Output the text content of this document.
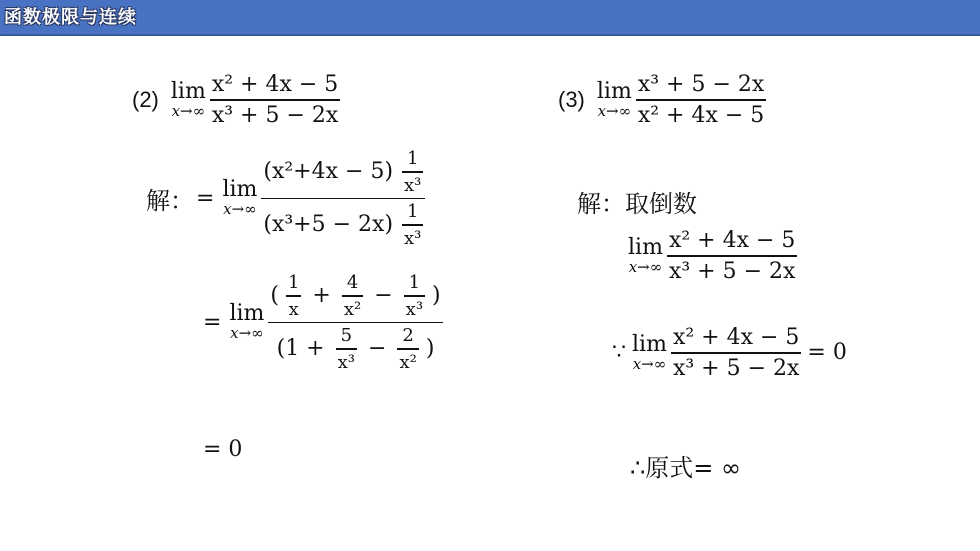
函数极限与连续
(2) lim
$x\to\infty \frac{\text{x² + 4x − 5}}{\text{x³ + 5 − 2x}}$
解： = lim
$x\to\infty \frac{(x^2+4x - 5) \frac{1}{\text{x³}}}{(x^3+5 - 2x) \frac{1}{\text{x³}}}$
= lim
x→∞
( $\frac{1}{x} + \frac{4}{\text{x²}} - \frac{1}{\text{x³}}$ )
($1 + \frac{5}{\text{x³}} - \frac{2}{\text{x²}}$ )
= 0
(3) lim
$x\to\infty \frac{\text{x³ + 5 − 2x}}{\text{x² + 4x − 5}}$
解：取倒数
lim
$x\to\infty \frac{\text{x² + 4x − 5}}{\text{x³ + 5 − 2x}}$
∵ lim
$x\to\infty \frac{\text{x² + 4x − 5}}{\text{x³ + 5 − 2x}} = 0$
∴原式= ∞
